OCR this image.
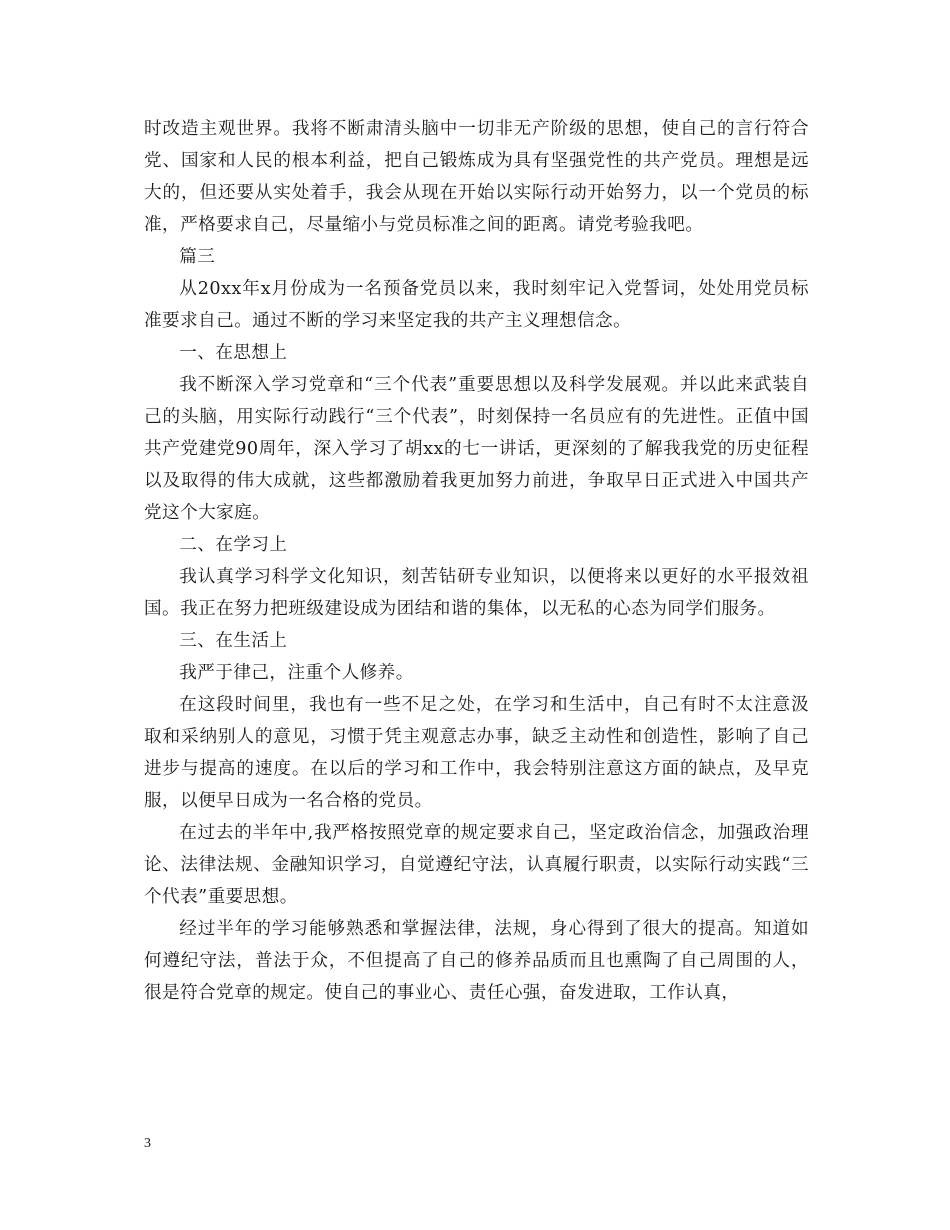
时改造主观世界。我将不断肃清头脑中一切非无产阶级的思想，使自己的言行符合党、国家和人民的根本利益，把自己锻炼成为具有坚强党性的共产党员。理想是远大的，但还要从实处着手，我会从现在开始以实际行动开始努力，以一个党员的标准，严格要求自己，尽量缩小与党员标准之间的距离。请党考验我吧。

篇三

从20xx年x月份成为一名预备党员以来，我时刻牢记入党誓词，处处用党员标准要求自己。通过不断的学习来坚定我的共产主义理想信念。

一、在思想上

我不断深入学习党章和“三个代表”重要思想以及科学发展观。并以此来武装自己的头脑，用实际行动践行“三个代表”，时刻保持一名员应有的先进性。正值中国共产党建党90周年，深入学习了胡xx的七一讲话，更深刻的了解我我党的历史征程以及取得的伟大成就，这些都激励着我更加努力前进，争取早日正式进入中国共产党这个大家庭。

二、在学习上

我认真学习科学文化知识，刻苦钻研专业知识，以便将来以更好的水平报效祖国。我正在努力把班级建设成为团结和谐的集体，以无私的心态为同学们服务。

三、在生活上

我严于律己，注重个人修养。

在这段时间里，我也有一些不足之处，在学习和生活中，自己有时不太注意汲取和采纳别人的意见，习惯于凭主观意志办事，缺乏主动性和创造性，影响了自己进步与提高的速度。在以后的学习和工作中，我会特别注意这方面的缺点，及早克服，以便早日成为一名合格的党员。

在过去的半年中,我严格按照党章的规定要求自己，坚定政治信念，加强政治理论、法律法规、金融知识学习，自觉遵纪守法，认真履行职责，以实际行动实践“三个代表”重要思想。

经过半年的学习能够熟悉和掌握法律，法规，身心得到了很大的提高。知道如何遵纪守法，普法于众，不但提高了自己的修养品质而且也熏陶了自己周围的人，很是符合党章的规定。使自己的事业心、责任心强，奋发进取，工作认真，

3
